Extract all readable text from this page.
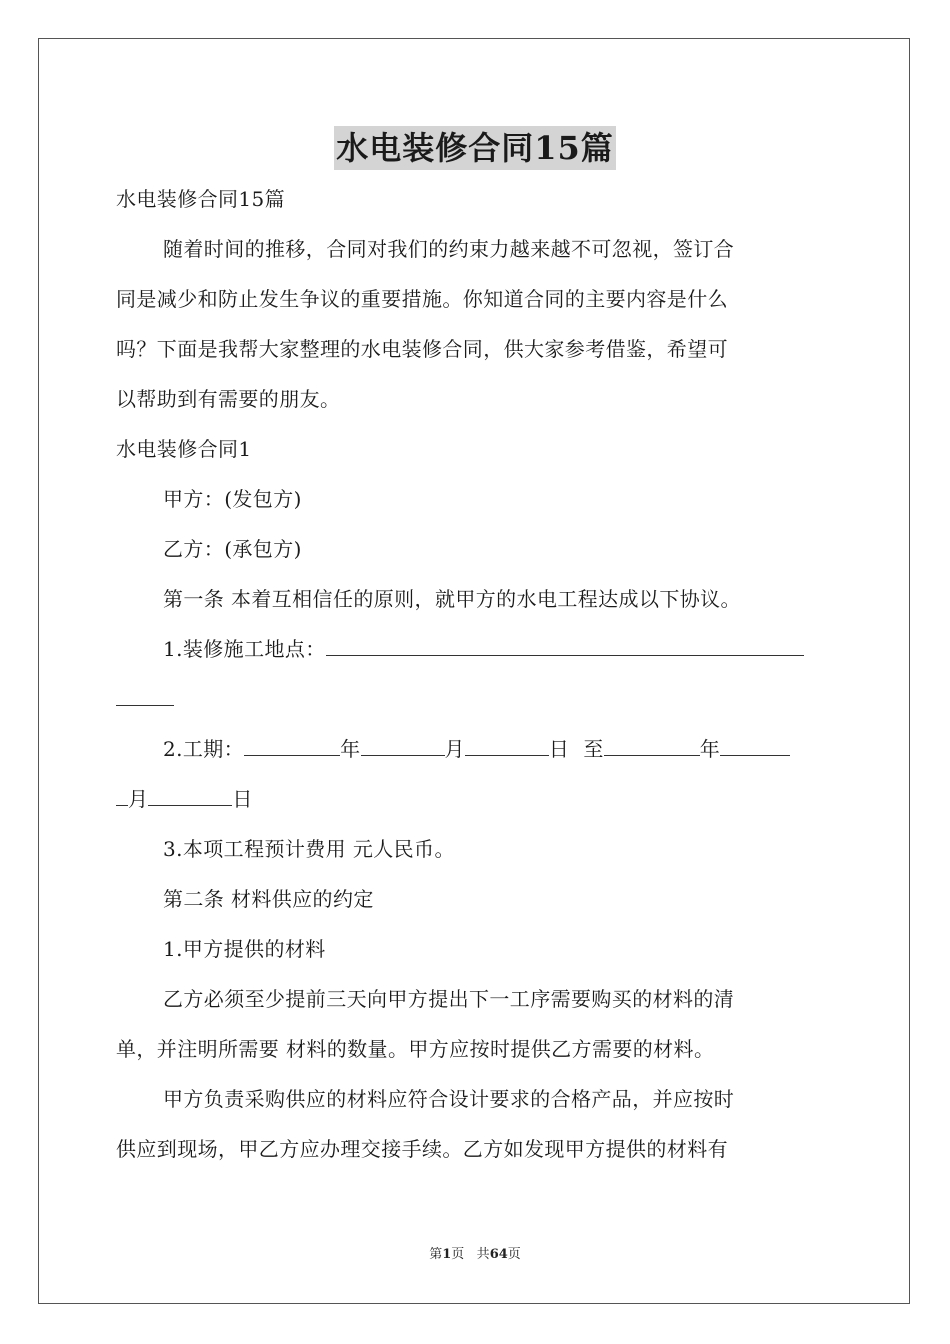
水电装修合同15篇
水电装修合同15篇
随着时间的推移，合同对我们的约束力越来越不可忽视，签订合
同是减少和防止发生争议的重要措施。你知道合同的主要内容是什么
吗？下面是我帮大家整理的水电装修合同，供大家参考借鉴，希望可
以帮助到有需要的朋友。
水电装修合同1
甲方：(发包方)
乙方：(承包方)
第一条 本着互相信任的原则，就甲方的水电工程达成以下协议。
1.装修施工地点：
2.工期：	年	月	日 至	年
月	日
3.本项工程预计费用 元人民币。
第二条 材料供应的约定
1.甲方提供的材料
乙方必须至少提前三天向甲方提出下一工序需要购买的材料的清
单，并注明所需要 材料的数量。甲方应按时提供乙方需要的材料。
甲方负责采购供应的材料应符合设计要求的合格产品，并应按时
供应到现场，甲乙方应办理交接手续。乙方如发现甲方提供的材料有
第1页 共64页
